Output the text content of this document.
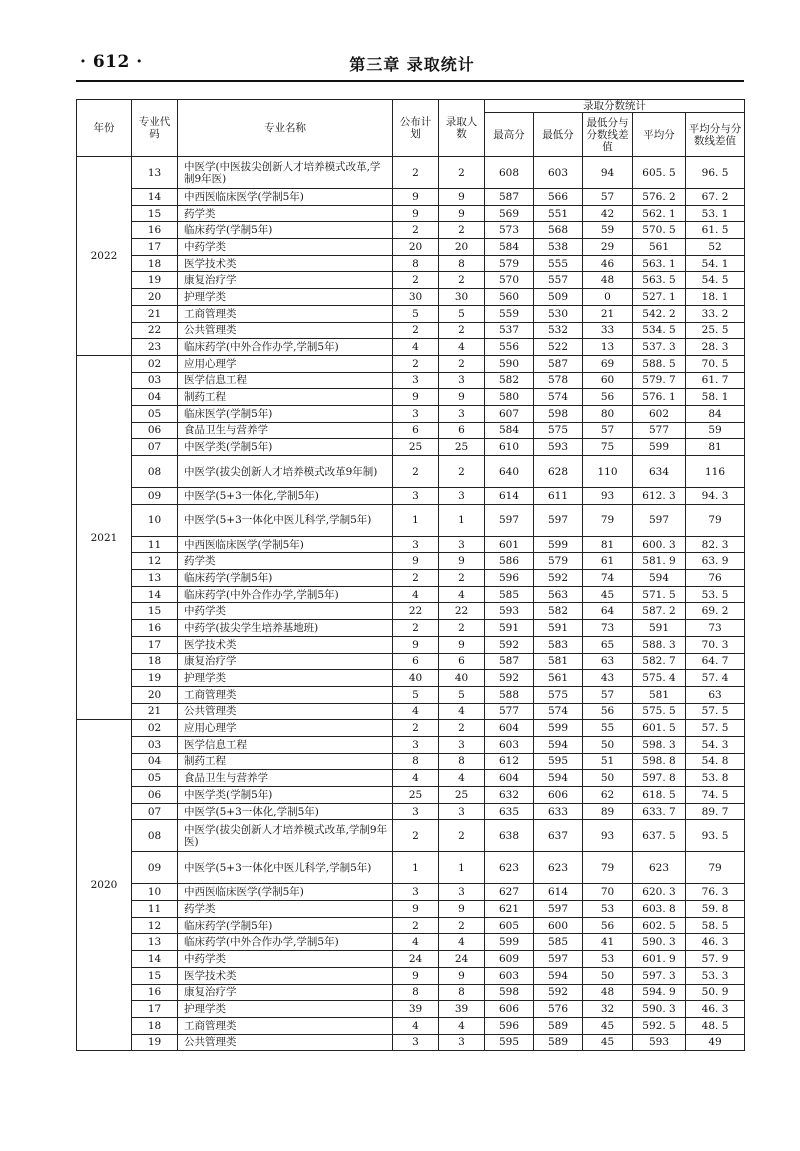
· 612 ·	第三章 录取统计
年份	专业代码	专业名称	公布计划	录取人数	录取分数统计				
					最高分	最低分	最低分与分数线差值	平均分	平均分与分数线差值
2022	13	中医学(中医拔尖创新人才培养模式改革,学制9年医)	2	2	608	603	94	605. 5	96. 5
	14	中西医临床医学(学制5年)	9	9	587	566	57	576. 2	67. 2
	15	药学类	9	9	569	551	42	562. 1	53. 1
	16	临床药学(学制5年)	2	2	573	568	59	570. 5	61. 5
	17	中药学类	20	20	584	538	29	561	52
	18	医学技术类	8	8	579	555	46	563. 1	54. 1
	19	康复治疗学	2	2	570	557	48	563. 5	54. 5
	20	护理学类	30	30	560	509	0	527. 1	18. 1
	21	工商管理类	5	5	559	530	21	542. 2	33. 2
	22	公共管理类	2	2	537	532	33	534. 5	25. 5
	23	临床药学(中外合作办学,学制5年)	4	4	556	522	13	537. 3	28. 3
2021	02	应用心理学	2	2	590	587	69	588. 5	70. 5
	03	医学信息工程	3	3	582	578	60	579. 7	61. 7
	04	制药工程	9	9	580	574	56	576. 1	58. 1
	05	临床医学(学制5年)	3	3	607	598	80	602	84
	06	食品卫生与营养学	6	6	584	575	57	577	59
	07	中医学类(学制5年)	25	25	610	593	75	599	81
	08	中医学(拔尖创新人才培养模式改革9年制)	2	2	640	628	110	634	116
	09	中医学(5+3一体化,学制5年)	3	3	614	611	93	612. 3	94. 3
	10	中医学(5+3一体化中医儿科学,学制5年)	1	1	597	597	79	597	79
	11	中西医临床医学(学制5年)	3	3	601	599	81	600. 3	82. 3
	12	药学类	9	9	586	579	61	581. 9	63. 9
	13	临床药学(学制5年)	2	2	596	592	74	594	76
	14	临床药学(中外合作办学,学制5年)	4	4	585	563	45	571. 5	53. 5
	15	中药学类	22	22	593	582	64	587. 2	69. 2
	16	中药学(拔尖学生培养基地班)	2	2	591	591	73	591	73
	17	医学技术类	9	9	592	583	65	588. 3	70. 3
	18	康复治疗学	6	6	587	581	63	582. 7	64. 7
	19	护理学类	40	40	592	561	43	575. 4	57. 4
	20	工商管理类	5	5	588	575	57	581	63
	21	公共管理类	4	4	577	574	56	575. 5	57. 5
2020	02	应用心理学	2	2	604	599	55	601. 5	57. 5
	03	医学信息工程	3	3	603	594	50	598. 3	54. 3
	04	制药工程	8	8	612	595	51	598. 8	54. 8
	05	食品卫生与营养学	4	4	604	594	50	597. 8	53. 8
	06	中医学类(学制5年)	25	25	632	606	62	618. 5	74. 5
	07	中医学(5+3一体化,学制5年)	3	3	635	633	89	633. 7	89. 7
	08	中医学(拔尖创新人才培养模式改革,学制9年医)	2	2	638	637	93	637. 5	93. 5
	09	中医学(5+3一体化中医儿科学,学制5年)	1	1	623	623	79	623	79
	10	中西医临床医学(学制5年)	3	3	627	614	70	620. 3	76. 3
	11	药学类	9	9	621	597	53	603. 8	59. 8
	12	临床药学(学制5年)	2	2	605	600	56	602. 5	58. 5
	13	临床药学(中外合作办学,学制5年)	4	4	599	585	41	590. 3	46. 3
	14	中药学类	24	24	609	597	53	601. 9	57. 9
	15	医学技术类	9	9	603	594	50	597. 3	53. 3
	16	康复治疗学	8	8	598	592	48	594. 9	50. 9
	17	护理学类	39	39	606	576	32	590. 3	46. 3
	18	工商管理类	4	4	596	589	45	592. 5	48. 5
	19	公共管理类	3	3	595	589	45	593	49
